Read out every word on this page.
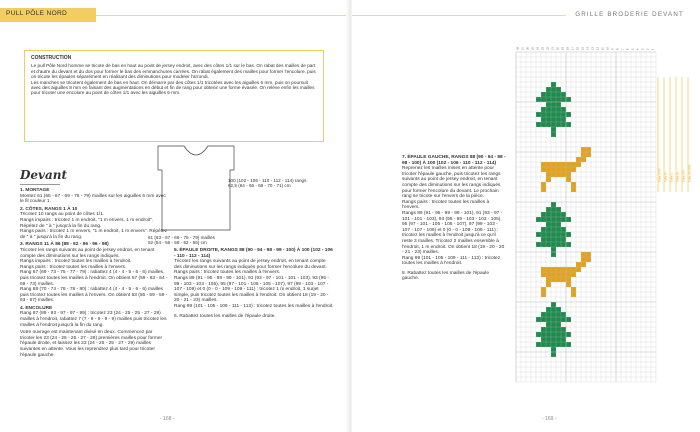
PULL PÔLE NORD
CONSTRUCTION

Le pull Pôle Nord homme se tricote de bas en haut au point de jersey endroit, avec des côtes 1/1 sur le bas. On rabat des mailles de part et d'autre du devant et du dos pour former le bas des emmanchures carrées. On rabat également des mailles pour former l'encolure, puis on tricote les épaules séparément en réalisant des diminutions pour modeler l'arrondi.

Les manches se tricotent également de bas en haut. On démarre par des côtes 1/1 tricotées avec les aiguilles 6 mm, puis on poursuit avec des aiguilles 8 mm en faisant des augmentations en début et fin de rang pour obtenir une forme évasée. On relève enfin les mailles pour tricoter une encolure au point de côtes 1/1 avec les aiguilles 6 mm.

Devant

1. MONTAGE
Montez 61 (65 - 67 - 69 - 75 - 79) mailles sur les aiguilles 6 mm avec le fil couleur 1.

2. CÔTES, RANGS 1 À 10
Tricotez 10 rangs au point de côtes 1/1.
Rangs impairs : tricotez 1 m endroit, "1 m envers, 1 m endroit". Répétez de " à " jusqu'à la fin du rang.
Rangs pairs : tricotez 1 m envers, "1 m endroit, 1 m envers". Répétez de " à " jusqu'à la fin du rang.

3. RANGS 11 À 86 (88 - 92 - 96 - 96 - 98)
Tricotez les rangs suivants au point de jersey endroit, en tenant compte des diminutions sur les rangs indiqués.
Rangs impairs : tricotez toutes les mailles à l'endroit.
Rangs pairs : tricotez toutes les mailles à l'envers.
Rang 67 (69 - 73 - 75 - 77 - 79) : rabattez 4 (4 - 4 - 5 - 6 - 6) mailles, puis tricotez toutes les mailles à l'endroit. On obtient 57 (59 - 63 - 64 - 69 - 73) mailles.
Rang 68 (70 - 74 - 76 - 78 - 80) : rabattez 4 (4 - 4 - 5 - 6 - 6) mailles puis tricotez toutes les mailles à l'envers. On obtient 53 (55 - 59 - 59 - 63 - 67) mailles.

4. ENCOLURE
Rang 87 (89 - 93 - 97 - 97 - 99) : tricotez 23 (24 - 25 - 25 - 27 - 29) mailles à l'endroit, rabattez 7 (7 - 9 - 9 - 9 - 9) mailles puis tricotez les mailles à l'endroit jusqu'à la fin du rang.

Votre ouvrage est maintenant divisé en deux. Commencez par tricoter les 23 (24 - 25 - 25 - 27 - 29) premières mailles pour former l'épaule droite, et laissez les 23 (24 - 25 - 25 - 27 - 29) mailles suivantes en attente. Vous les reprendrez plus tard pour tricoter l'épaule gauche.

100 (102 - 106 - 110 - 112 - 114) rangs
62,5 (64 - 66 - 68 - 70 - 71) cm
61 (63 - 67 - 69 - 75 - 79) mailles
52 (54 - 56 - 58 - 62 - 66) cm

5. ÉPAULE DROITE, RANGS 88 (90 - 94 - 98 - 98 - 100) À 100 (102 - 106 - 110 - 112 - 114)
Tricotez les rangs suivants au point de jersey endroit, en tenant compte des diminutions sur les rangs indiqués pour former l'encolure du devant.
Rangs pairs : tricotez toutes les mailles à l'envers.
Rangs 89 (91 - 95 - 99 - 99 - 101), 91 (93 - 97 - 101 - 101 - 103), 93 (95 - 99 - 103 - 103 - 105), 95 (97 - 101 - 105 - 105 - 107), 97 (99 - 103 - 107 - 107 - 109) et 0 (0 - 0 - 109 - 109 - 111) : tricotez 1 m endroit, 1 surjet simple, puis tricotez toutes les mailles à l'endroit. On obtient 18 (19 - 20 - 20 - 21 - 23) mailles.
Rang 99 (101 - 105 - 109 - 111 - 113) : tricotez toutes les mailles à l'endroit.

6. Rabattez toutes les mailles de l'épaule droite.

- 168 -
GRILLE BRODERIE DEVANT

7. ÉPAULE GAUCHE, RANGS 88 (90 - 94 - 98 - 98 - 100) À 100 (102 - 106 - 110 - 112 - 114)
Reprenez les mailles mises en attente pour tricoter l'épaule gauche, puis tricotez les rangs suivants au point de jersey endroit, en tenant compte des diminutions sur les rangs indiqués pour former l'encolure du devant. Le prochain rang se tricote sur l'envers de la pièce.
Rangs pairs : tricotez toutes les mailles à l'envers.
Rangs 89 (91 - 95 - 99 - 99 - 101), 91 (93 - 97 - 101 - 101 - 103), 93 (95 - 99 - 103 - 103 - 105), 95 (97 - 101 - 105 - 105 - 107), 97 (99 - 103 - 107 - 107 - 109) et 0 (0 - 0 - 109 - 109 - 111) : tricotez les mailles à l'endroit jusqu'à ce qu'il reste 3 mailles. Tricotez 2 mailles ensemble à l'endroit, 1 m endroit. On obtient 18 (19 - 20 - 20 - 21 - 23) mailles.
Rang 99 (101 - 105 - 109 - 111 - 113) : tricotez toutes les mailles à l'endroit.

8. Rabattez toutes les mailles de l'épaule gauche.

28 27 26 25 24 23 22 21 20 19 18 17 16 15 14 13 12 11 10 9 8 7 6 5 4 3 2 1
Taille XS/S Taille M Taille L Taille XL Taille XXL Taille 3XL/4XL
- 169 -
